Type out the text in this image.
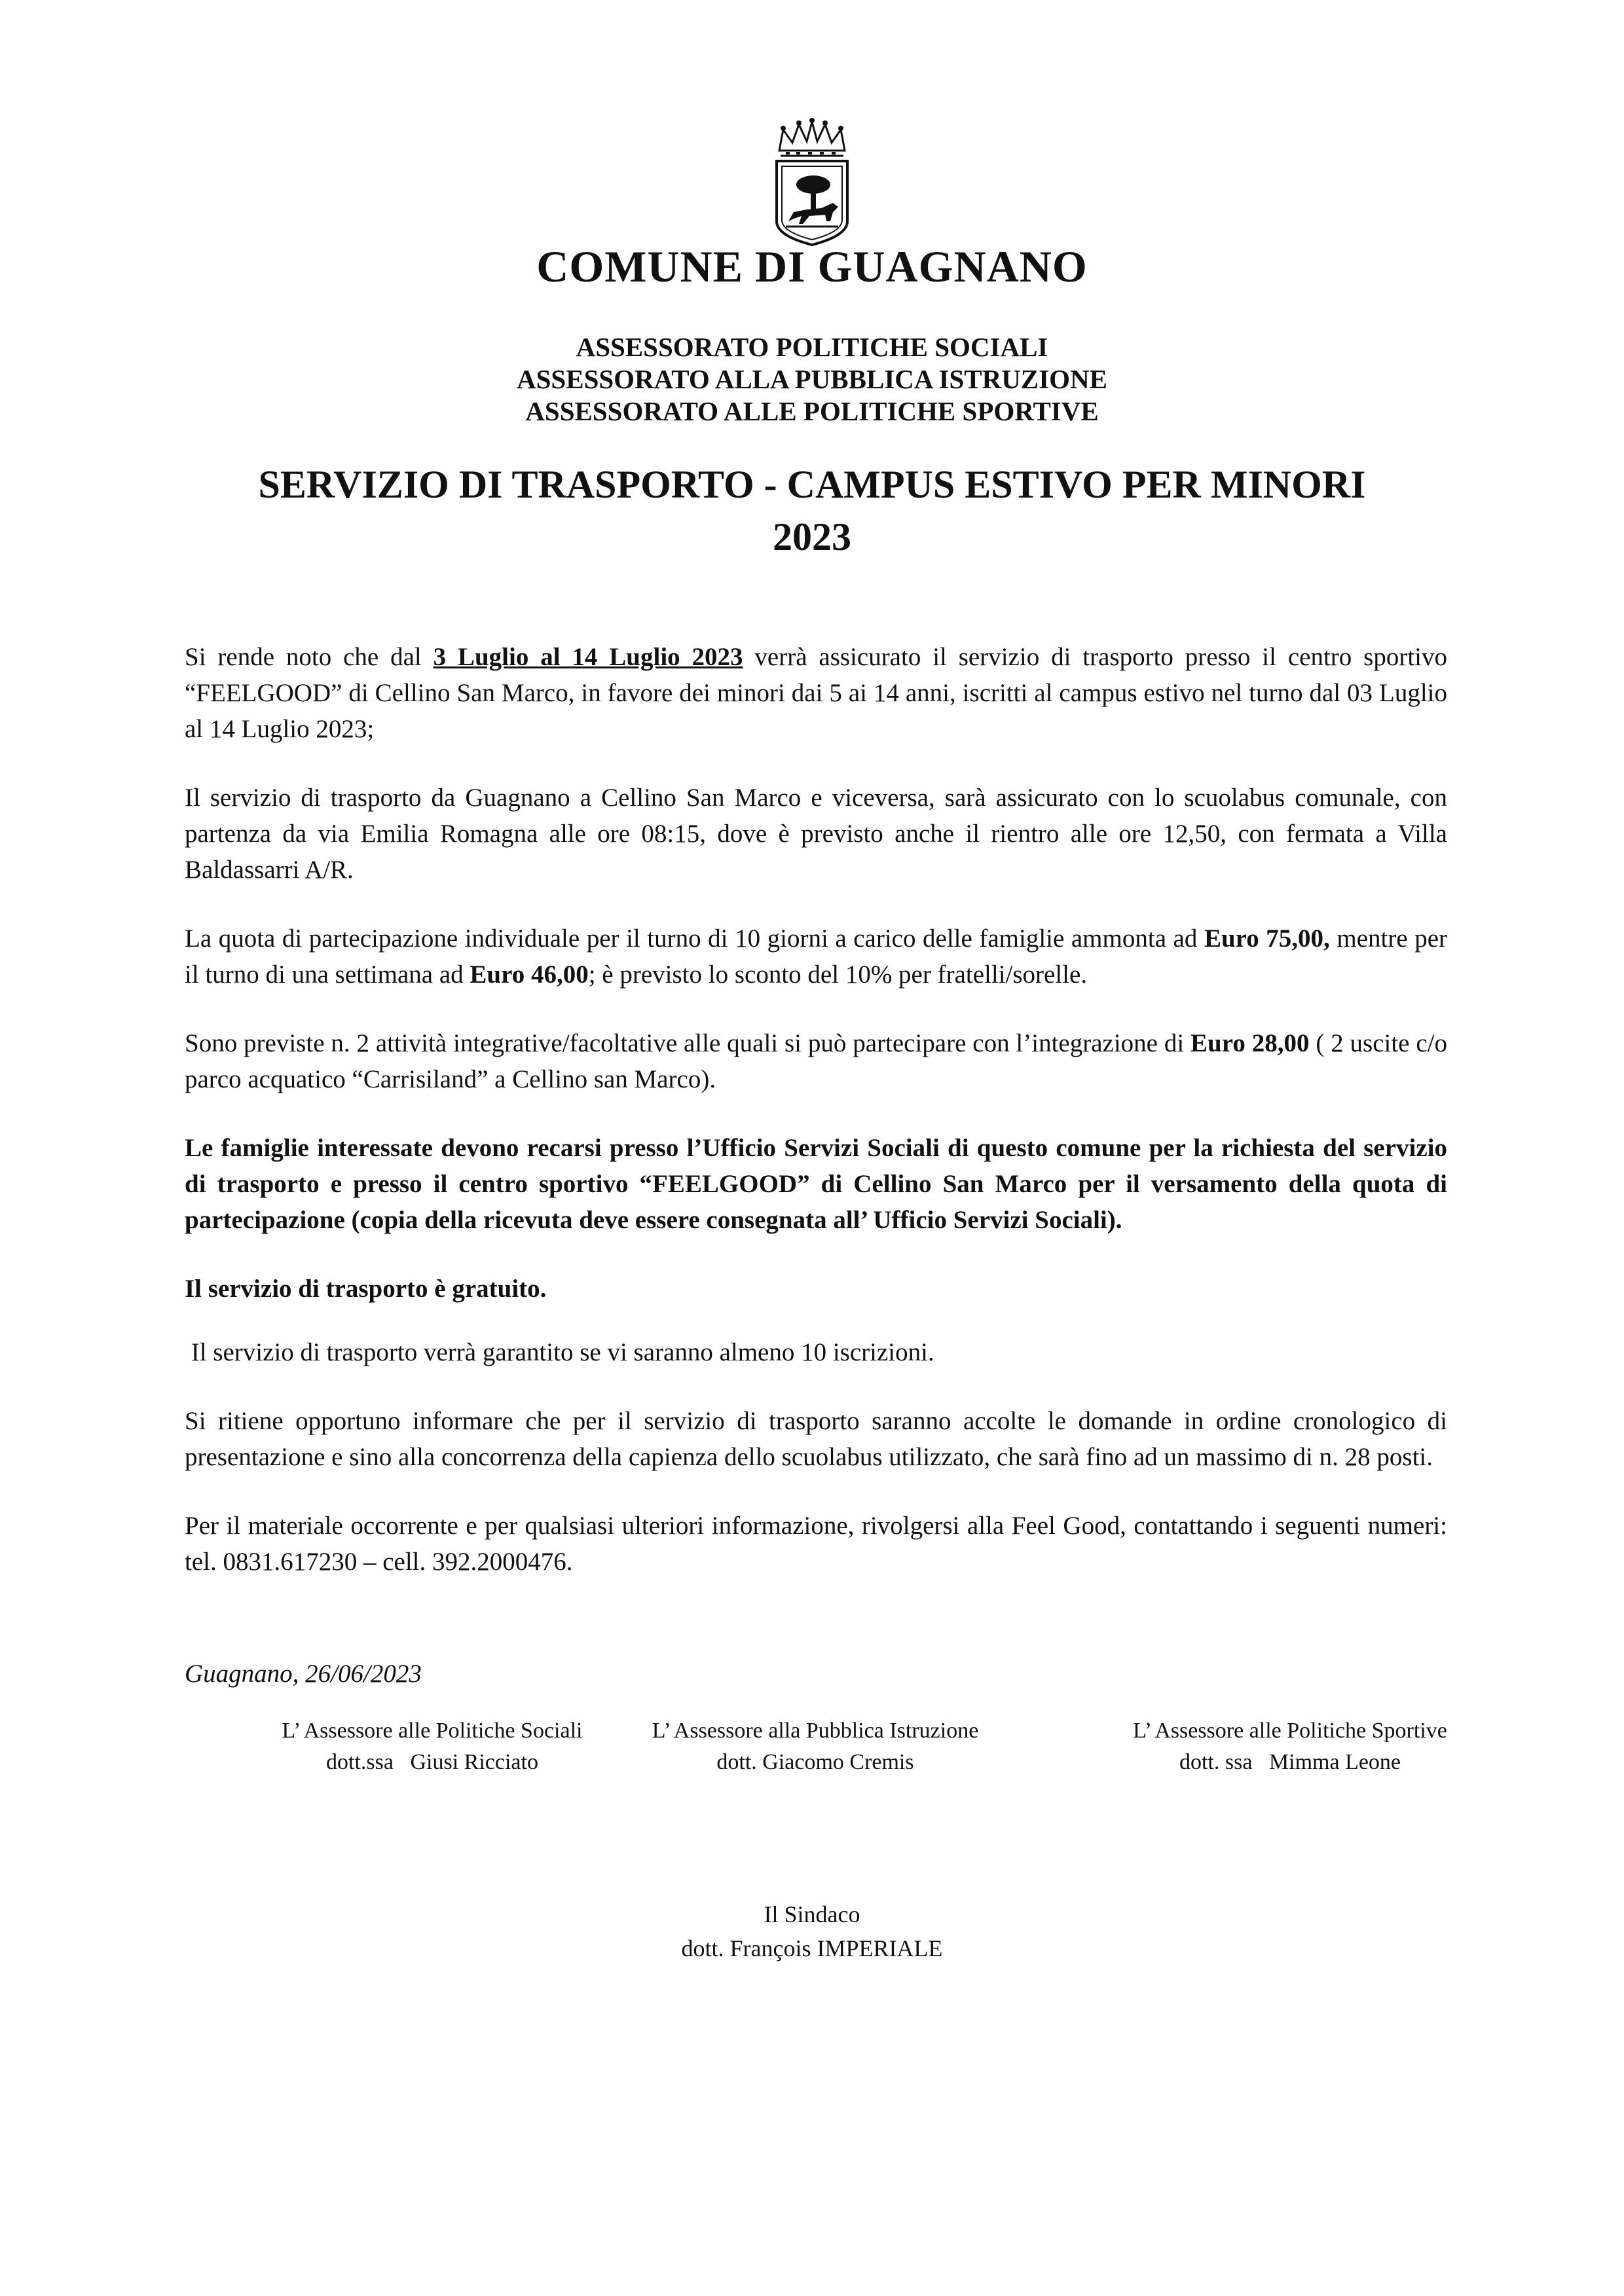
COMUNE DI GUAGNANO
ASSESSORATO POLITICHE SOCIALI
ASSESSORATO ALLA PUBBLICA ISTRUZIONE
ASSESSORATO ALLE POLITICHE SPORTIVE
SERVIZIO DI TRASPORTO - CAMPUS ESTIVO PER MINORI
2023

Si rende noto che dal 3 Luglio al 14 Luglio 2023 verrà assicurato il servizio di trasporto presso il centro sportivo “FEELGOOD” di Cellino San Marco, in favore dei minori dai 5 ai 14 anni, iscritti al campus estivo nel turno dal 03 Luglio al 14 Luglio 2023;

Il servizio di trasporto da Guagnano a Cellino San Marco e viceversa, sarà assicurato con lo scuolabus comunale, con partenza da via Emilia Romagna alle ore 08:15, dove è previsto anche il rientro alle ore 12,50, con fermata a Villa Baldassarri A/R.

La quota di partecipazione individuale per il turno di 10 giorni a carico delle famiglie ammonta ad Euro 75,00, mentre per il turno di una settimana ad Euro 46,00; è previsto lo sconto del 10% per fratelli/sorelle.

Sono previste n. 2 attività integrative/facoltative alle quali si può partecipare con l’integrazione di Euro 28,00 ( 2 uscite c/o parco acquatico “Carrisiland” a Cellino san Marco).

Le famiglie interessate devono recarsi presso l’Ufficio Servizi Sociali di questo comune per la richiesta del servizio di trasporto e presso il centro sportivo “FEELGOOD” di Cellino San Marco per il versamento della quota di partecipazione (copia della ricevuta deve essere consegnata all’ Ufficio Servizi Sociali).

Il servizio di trasporto è gratuito.

Il servizio di trasporto verrà garantito se vi saranno almeno 10 iscrizioni.

Si ritiene opportuno informare che per il servizio di trasporto saranno accolte le domande in ordine cronologico di presentazione e sino alla concorrenza della capienza dello scuolabus utilizzato, che sarà fino ad un massimo di n. 28 posti.

Per il materiale occorrente e per qualsiasi ulteriori informazione, rivolgersi alla Feel Good, contattando i seguenti numeri: tel. 0831.617230 – cell. 392.2000476.

Guagnano, 26/06/2023
L’ Assessore alle Politiche Sociali
dott.ssa   Giusi Ricciato
L’ Assessore alla Pubblica Istruzione
dott. Giacomo Cremis
L’ Assessore alle Politiche Sportive
dott. ssa   Mimma Leone
Il Sindaco
dott. François IMPERIALE
